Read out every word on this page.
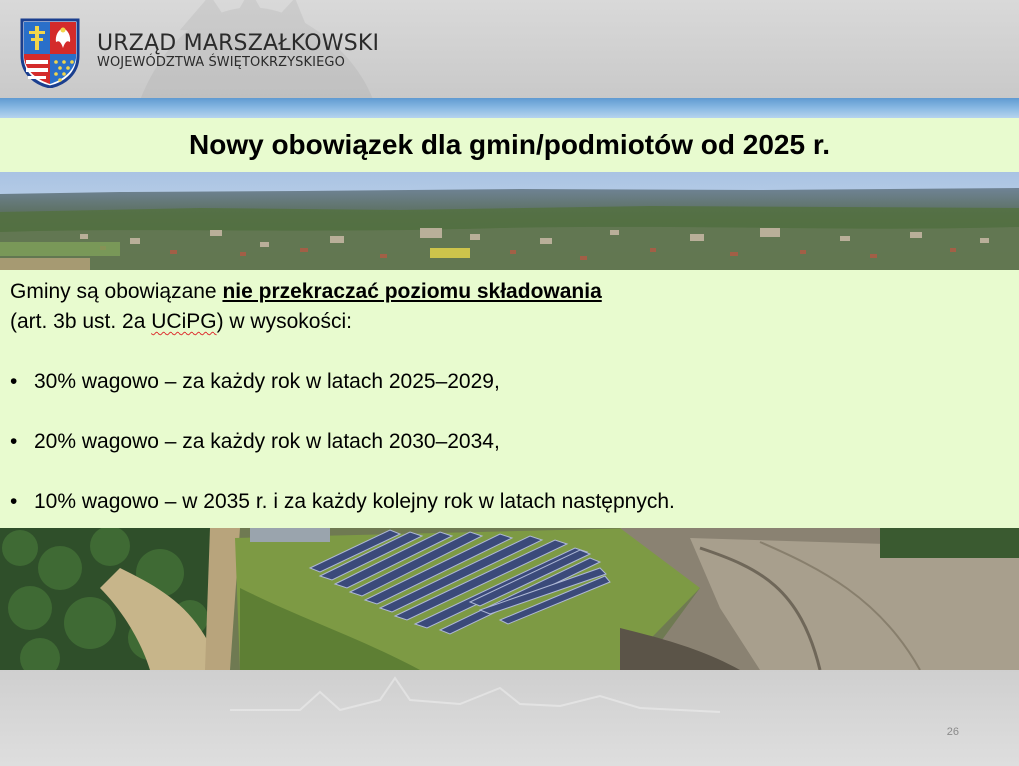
URZĄD MARSZAŁKOWSKI
WOJEWÓDZTWA ŚWIĘTOKRZYSKIEGO
Nowy obowiązek dla gmin/podmiotów od 2025 r.

Gminy są obowiązane nie przekraczać poziomu składowania

(art. 3b ust. 2a UCiPG) w wysokości:

• 30% wagowo – za każdy rok w latach 2025–2029,

• 20% wagowo – za każdy rok w latach 2030–2034,

• 10% wagowo – w 2035 r. i za każdy kolejny rok w latach następnych.

26
